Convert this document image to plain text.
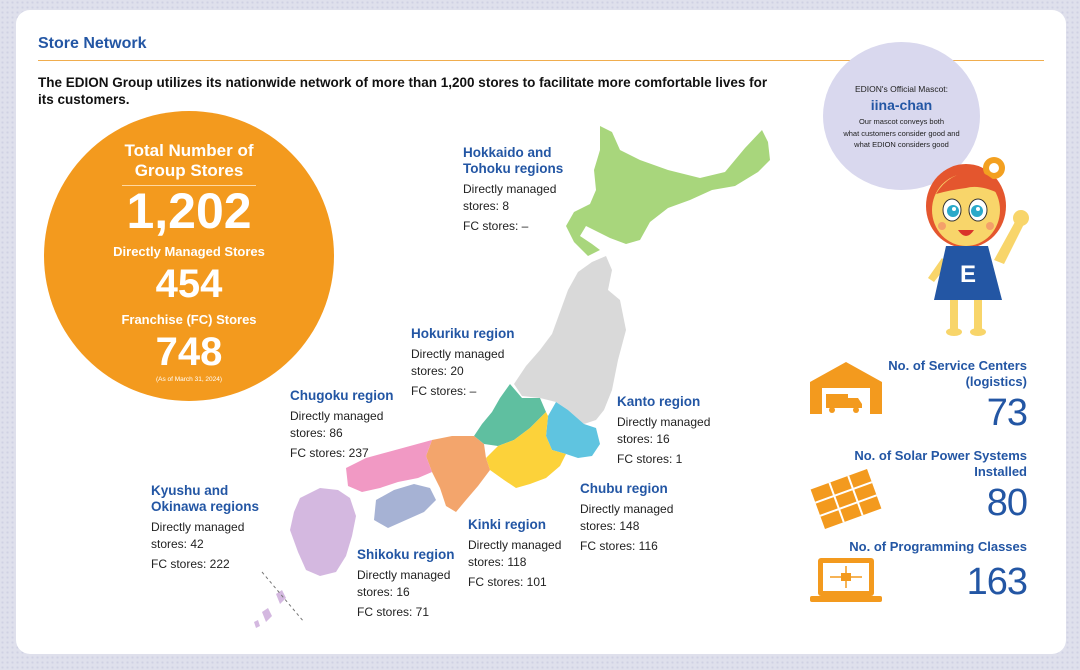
Store Network
The EDION Group utilizes its nationwide network of more than 1,200 stores to facilitate more comfortable lives for its customers.
Total Number of
Group Stores
1,202
Directly Managed Stores
454
Franchise (FC) Stores
748
(As of March 31, 2024)
Hokkaido and
Tohoku regions
Directly managed
stores: 8
FC stores: –
Hokuriku region
Directly managed
stores: 20
FC stores: –
Chugoku region
Directly managed
stores: 86
FC stores: 237
Kanto region
Directly managed
stores: 16
FC stores: 1
Chubu region
Directly managed
stores: 148
FC stores: 116
Kyushu and
Okinawa regions
Directly managed
stores: 42
FC stores: 222
Kinki region
Directly managed
stores: 118
FC stores: 101
Shikoku region
Directly managed
stores: 16
FC stores: 71
EDION's Official Mascot:
iina-chan
Our mascot conveys both
what customers consider good and
what EDION considers good
E
No. of Service Centers
(logistics)
73
No. of Solar Power Systems
Installed
80
No. of Programming Classes
163
